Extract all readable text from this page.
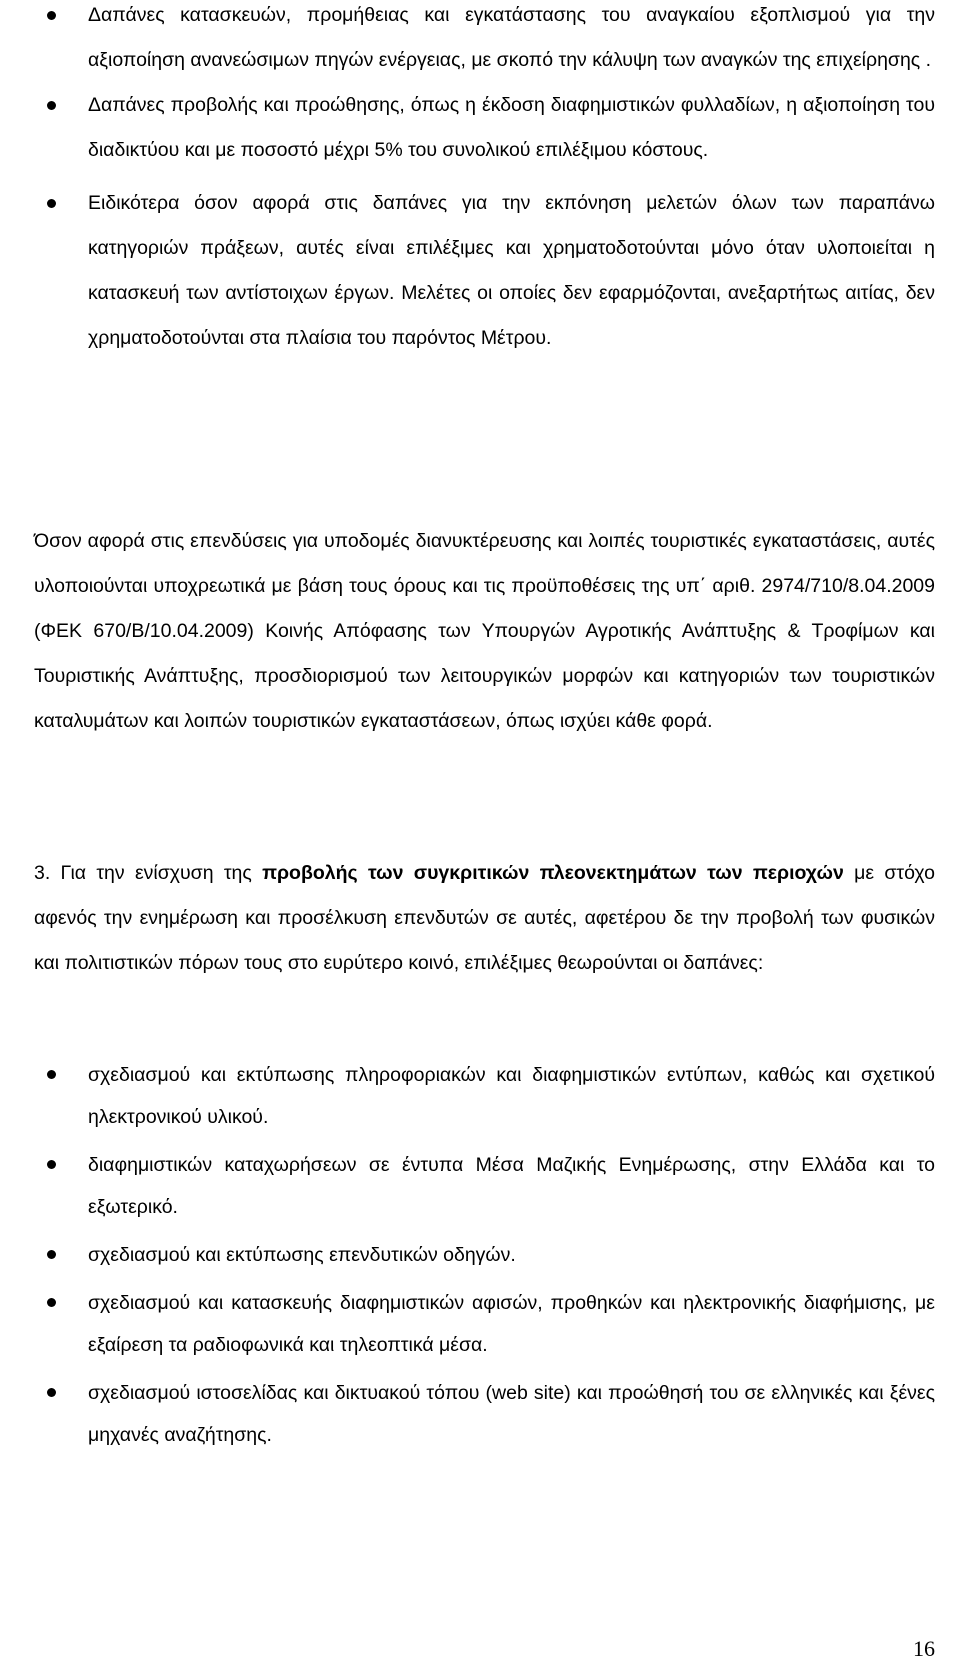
Δαπάνες κατασκευών, προμήθειας και εγκατάστασης του αναγκαίου εξοπλισμού για την αξιοποίηση ανανεώσιμων πηγών ενέργειας, με σκοπό την κάλυψη των αναγκών της επιχείρησης .
Δαπάνες προβολής και προώθησης, όπως η έκδοση διαφημιστικών φυλλαδίων, η αξιοποίηση του διαδικτύου και με ποσοστό μέχρι 5% του συνολικού επιλέξιμου κόστους.
Ειδικότερα όσον αφορά στις δαπάνες για την εκπόνηση μελετών όλων των παραπάνω κατηγοριών πράξεων, αυτές είναι επιλέξιμες και χρηματοδοτούνται μόνο όταν υλοποιείται η κατασκευή των αντίστοιχων έργων. Μελέτες οι οποίες δεν εφαρμόζονται, ανεξαρτήτως αιτίας, δεν χρηματοδοτούνται στα πλαίσια του παρόντος Μέτρου.

Όσον αφορά στις επενδύσεις για υποδομές διανυκτέρευσης και λοιπές τουριστικές εγκαταστάσεις, αυτές υλοποιούνται υποχρεωτικά με βάση τους όρους και τις προϋποθέσεις της υπ΄ αριθ. 2974/710/8.04.2009 (ΦΕΚ 670/Β/10.04.2009) Κοινής Απόφασης των Υπουργών Αγροτικής Ανάπτυξης & Τροφίμων και Τουριστικής Ανάπτυξης, προσδιορισμού των λειτουργικών μορφών και κατηγοριών των τουριστικών καταλυμάτων και λοιπών τουριστικών εγκαταστάσεων, όπως ισχύει κάθε φορά.

3. Για την ενίσχυση της προβολής των συγκριτικών πλεονεκτημάτων των περιοχών με στόχο αφενός την ενημέρωση και προσέλκυση επενδυτών σε αυτές, αφετέρου δε την προβολή των φυσικών και πολιτιστικών πόρων τους στο ευρύτερο κοινό, επιλέξιμες θεωρούνται οι δαπάνες:

σχεδιασμού και εκτύπωσης πληροφοριακών και διαφημιστικών εντύπων, καθώς και σχετικού ηλεκτρονικού υλικού.
διαφημιστικών καταχωρήσεων σε έντυπα Μέσα Μαζικής Ενημέρωσης, στην Ελλάδα και το εξωτερικό.
σχεδιασμού και εκτύπωσης επενδυτικών οδηγών.
σχεδιασμού και κατασκευής διαφημιστικών αφισών, προθηκών και ηλεκτρονικής διαφήμισης, με εξαίρεση τα ραδιοφωνικά και τηλεοπτικά μέσα.
σχεδιασμού ιστοσελίδας και δικτυακού τόπου (web site) και προώθησή του σε ελληνικές και ξένες μηχανές αναζήτησης.
16
